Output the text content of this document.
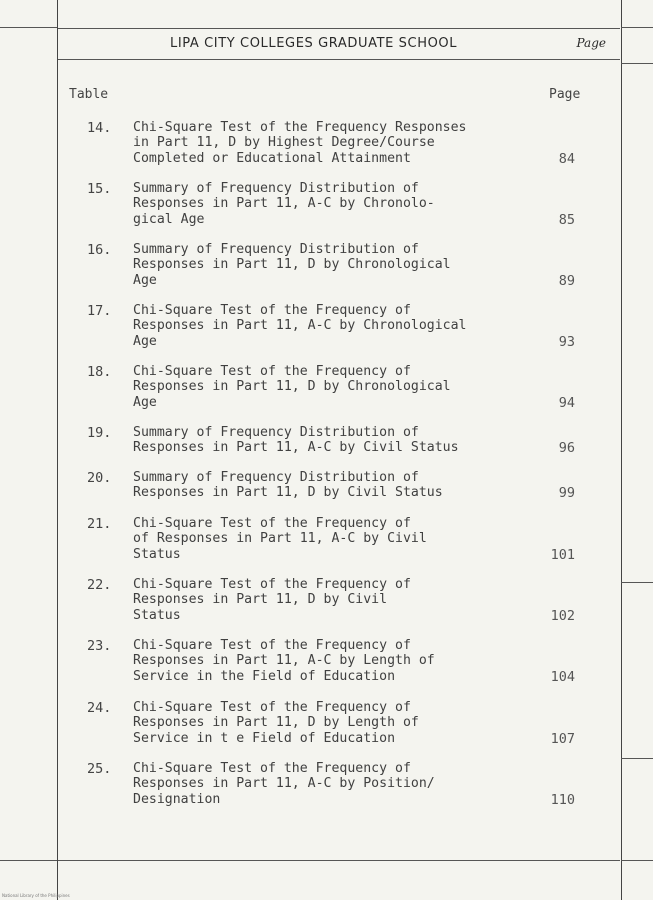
LIPA CITY COLLEGES GRADUATE SCHOOL	Page
Table	Page
14. Chi-Square Test of the Frequency Responses
in Part 11, D by Highest Degree/Course
Completed or Educational Attainment	84
15. Summary of Frequency Distribution of
Responses in Part 11, A-C by Chronolo-
gical Age	85
16. Summary of Frequency Distribution of
Responses in Part 11, D by Chronological
Age	89
17. Chi-Square Test of the Frequency of
Responses in Part 11, A-C by Chronological
Age	93
18. Chi-Square Test of the Frequency of
Responses in Part 11, D by Chronological
Age	94
19. Summary of Frequency Distribution of
Responses in Part 11, A-C by Civil Status	96
20. Summary of Frequency Distribution of
Responses in Part 11, D by Civil Status	99
21. Chi-Square Test of the Frequency of
of Responses in Part 11, A-C by Civil
Status	101
22. Chi-Square Test of the Frequency of
Responses in Part 11, D by Civil
Status	102
23. Chi-Square Test of the Frequency of
Responses in Part 11, A-C by Length of
Service in the Field of Education	104
24. Chi-Square Test of the Frequency of
Responses in Part 11, D by Length of
Service in t e Field of Education	107
25. Chi-Square Test of the Frequency of
Responses in Part 11, A-C by Position/
Designation	110
National Library of the Philippines
